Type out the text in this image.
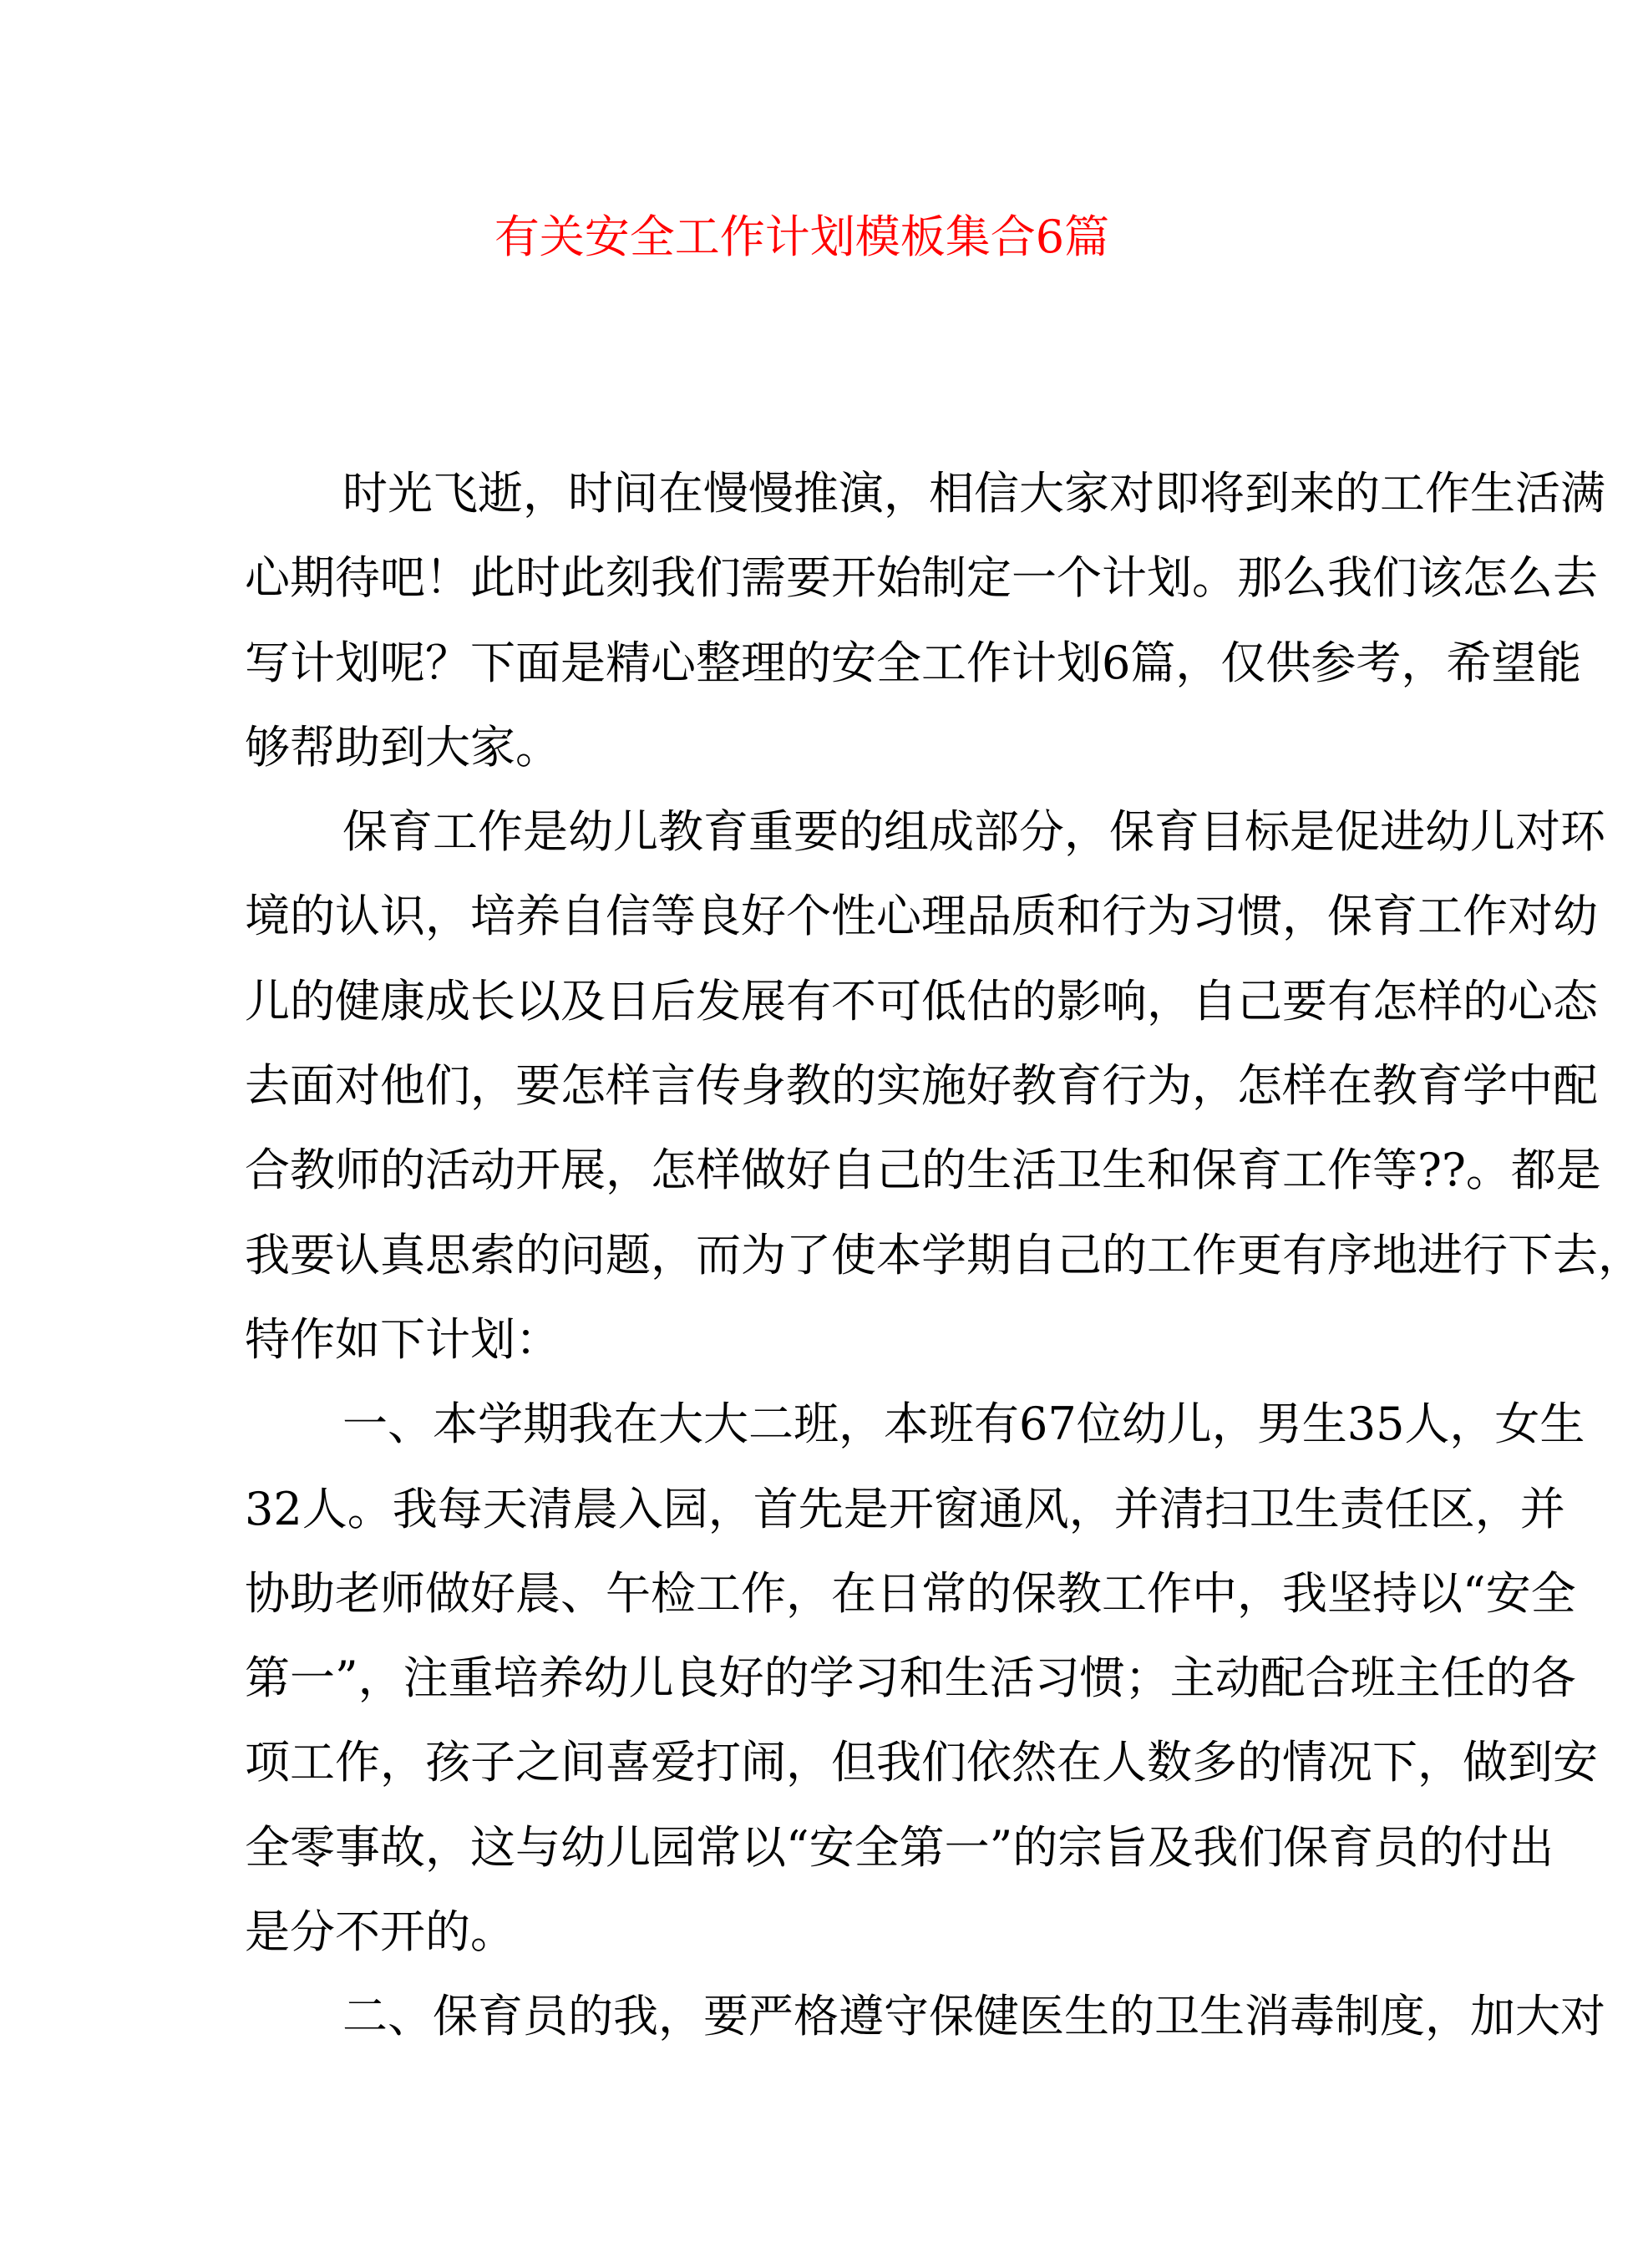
有关安全工作计划模板集合6篇
时光飞逝，时间在慢慢推演，相信大家对即将到来的工作生活满
心期待吧！此时此刻我们需要开始制定一个计划。那么我们该怎么去
写计划呢？下面是精心整理的安全工作计划6篇，仅供参考，希望能
够帮助到大家。
保育工作是幼儿教育重要的组成部分，保育目标是促进幼儿对环
境的认识，培养自信等良好个性心理品质和行为习惯，保育工作对幼
儿的健康成长以及日后发展有不可低估的影响，自己要有怎样的心态
去面对他们，要怎样言传身教的实施好教育行为，怎样在教育学中配
合教师的活动开展，怎样做好自己的生活卫生和保育工作等??。都是
我要认真思索的问题，而为了使本学期自己的工作更有序地进行下去，
特作如下计划：
一、本学期我在大大二班，本班有67位幼儿，男生35人，女生
32人。我每天清晨入园，首先是开窗通风，并清扫卫生责任区，并
协助老师做好晨、午检工作，在日常的保教工作中，我坚持以“安全
第一”，注重培养幼儿良好的学习和生活习惯；主动配合班主任的各
项工作，孩子之间喜爱打闹，但我们依然在人数多的情况下，做到安
全零事故，这与幼儿园常以“安全第一”的宗旨及我们保育员的付出
是分不开的。
二、保育员的我，要严格遵守保健医生的卫生消毒制度，加大对
